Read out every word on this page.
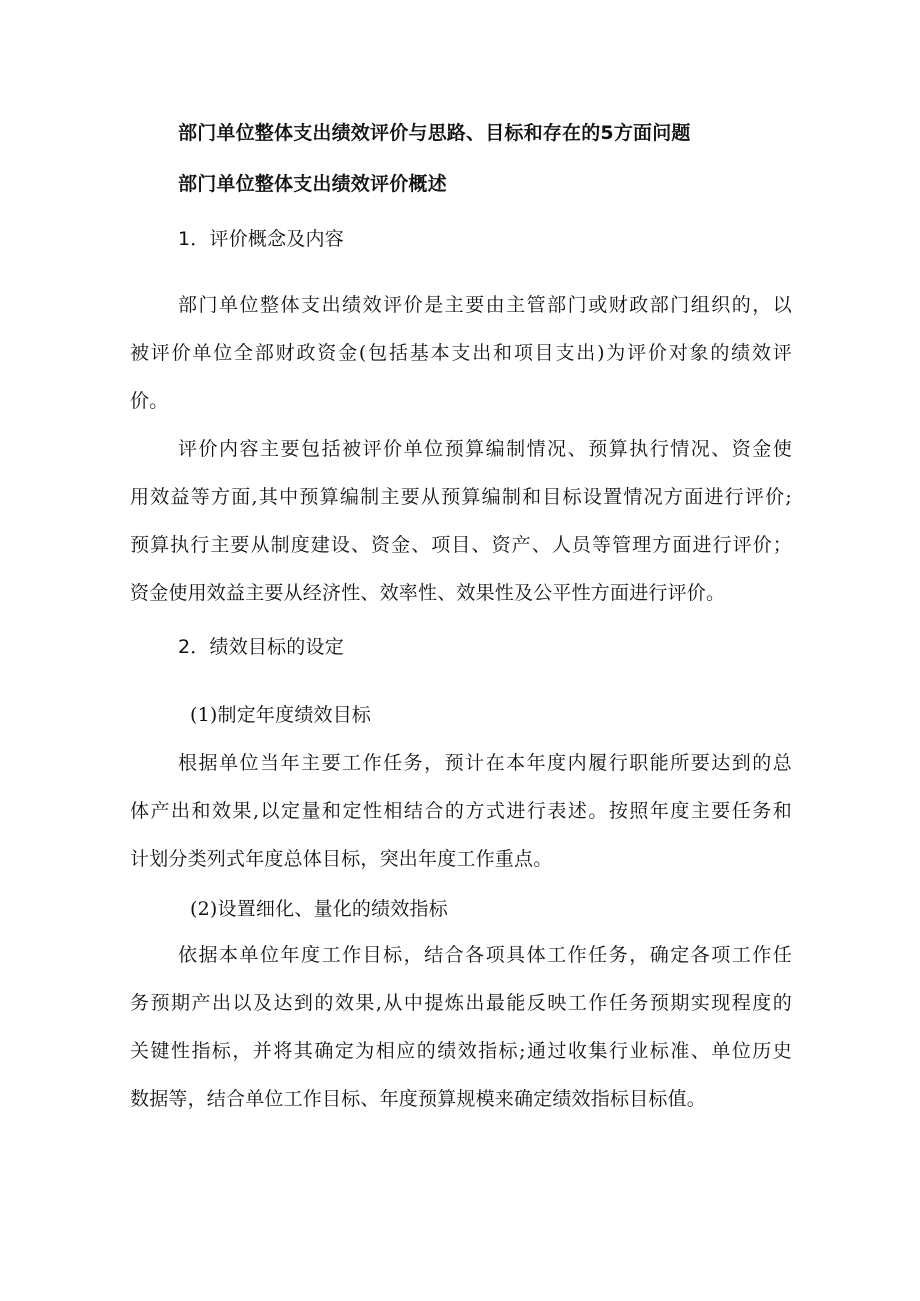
部门单位整体支出绩效评价与思路、目标和存在的5方面问题
部门单位整体支出绩效评价概述
1．评价概念及内容
部门单位整体支出绩效评价是主要由主管部门或财政部门组织的，以
被评价单位全部财政资金(包括基本支出和项目支出)为评价对象的绩效评
价。
评价内容主要包括被评价单位预算编制情况、预算执行情况、资金使
用效益等方面,其中预算编制主要从预算编制和目标设置情况方面进行评价;
预算执行主要从制度建设、资金、项目、资产、人员等管理方面进行评价；
资金使用效益主要从经济性、效率性、效果性及公平性方面进行评价。
2．绩效目标的设定
(1)制定年度绩效目标
根据单位当年主要工作任务，预计在本年度内履行职能所要达到的总
体产出和效果,以定量和定性相结合的方式进行表述。按照年度主要任务和
计划分类列式年度总体目标，突出年度工作重点。
(2)设置细化、量化的绩效指标
依据本单位年度工作目标，结合各项具体工作任务，确定各项工作任
务预期产出以及达到的效果,从中提炼出最能反映工作任务预期实现程度的
关键性指标，并将其确定为相应的绩效指标;通过收集行业标准、单位历史
数据等，结合单位工作目标、年度预算规模来确定绩效指标目标值。
